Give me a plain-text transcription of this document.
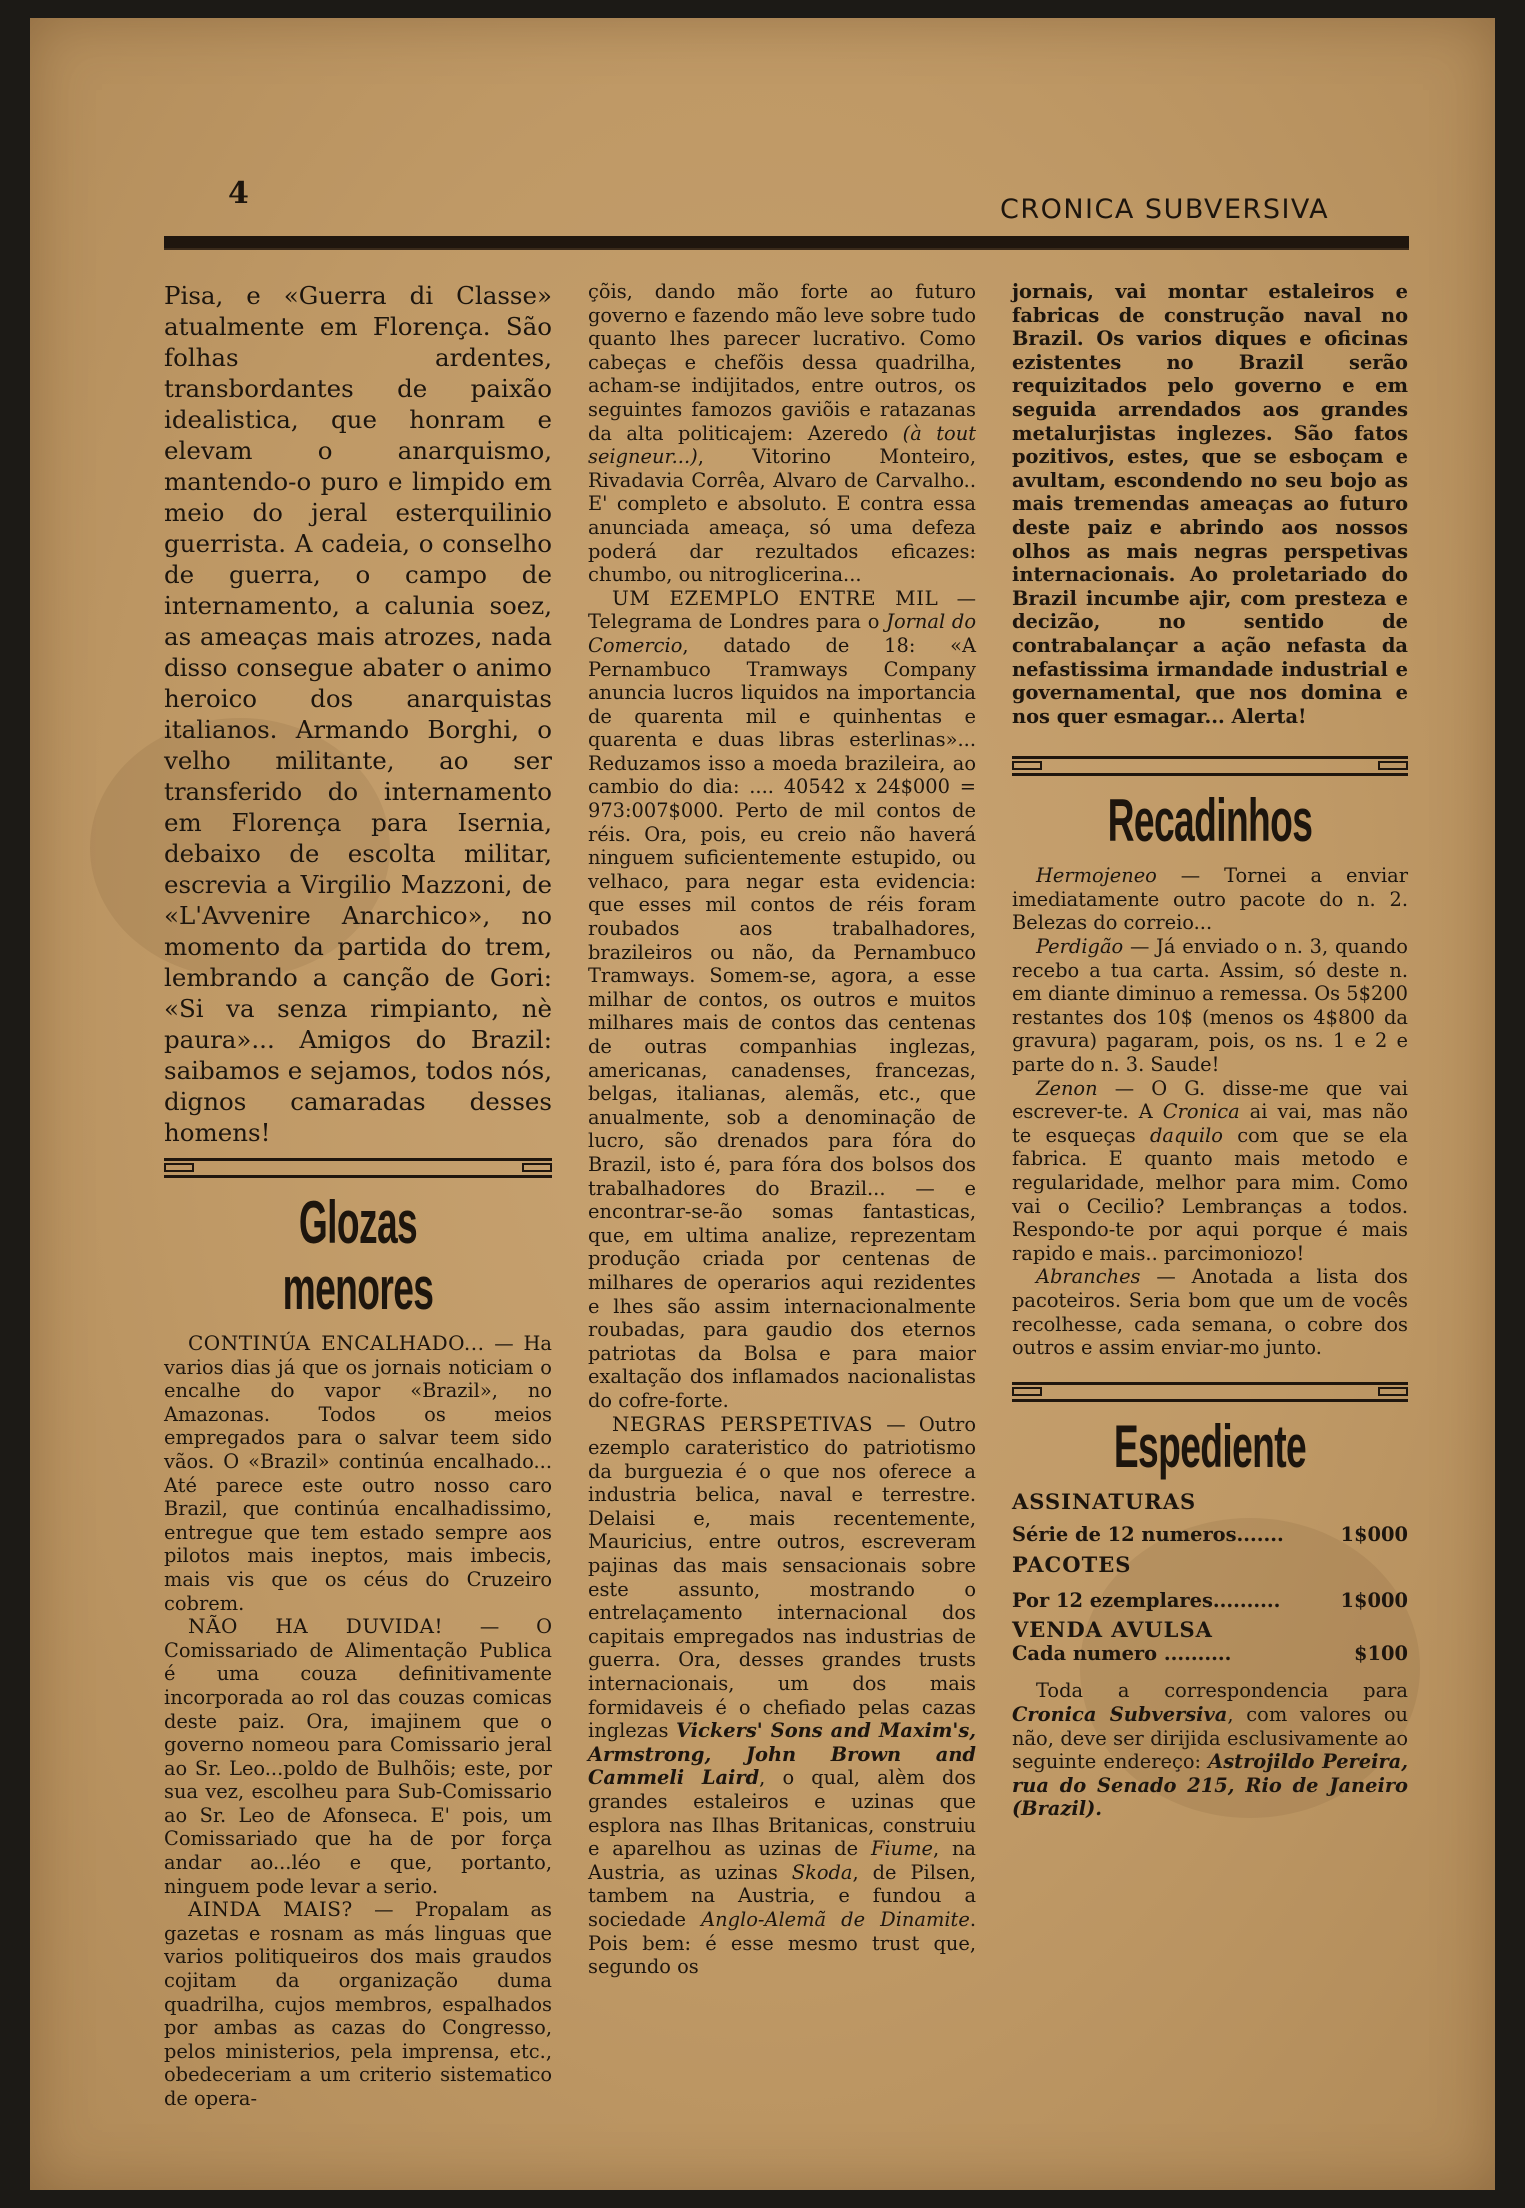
4	CRONICA SUBVERSIVA

Pisa, e «Guerra di Classe» atualmente em Florença. São folhas ardentes, transbordantes de paixão idealistica, que honram e elevam o anarquismo, mantendo-o puro e limpido em meio do jeral esterquilinio guerrista. A cadeia, o conselho de guerra, o campo de internamento, a calunia soez, as ameaças mais atrozes, nada disso consegue abater o animo heroico dos anarquistas italianos. Armando Borghi, o velho militante, ao ser transferido do internamento em Florença para Isernia, debaixo de escolta militar, escrevia a Virgilio Mazzoni, de «L'Avvenire Anarchico», no momento da partida do trem, lembrando a canção de Gori: «Si va senza rimpianto, nè paura»... Amigos do Brazil: saibamos e sejamos, todos nós, dignos camaradas desses homens!

Glozas menores

CONTINÚA ENCALHADO... — Ha varios dias já que os jornais noticiam o encalhe do vapor «Brazil», no Amazonas. Todos os meios empregados para o salvar teem sido vãos. O «Brazil» continúa encalhado... Até parece este outro nosso caro Brazil, que continúa encalhadissimo, entregue que tem estado sempre aos pilotos mais ineptos, mais imbecis, mais vis que os céus do Cruzeiro cobrem.

NÃO HA DUVIDA! — O Comissariado de Alimentação Publica é uma couza definitivamente incorporada ao rol das couzas comicas deste paiz. Ora, imajinem que o governo nomeou para Comissario jeral ao Sr. Leo...poldo de Bulhõis; este, por sua vez, escolheu para Sub-Comissario ao Sr. Leo de Afonseca. E' pois, um Comissariado que ha de por força andar ao...léo e que, portanto, ninguem pode levar a serio.

AINDA MAIS? — Propalam as gazetas e rosnam as más linguas que varios politiqueiros dos mais graudos cojitam da organização duma quadrilha, cujos membros, espalhados por ambas as cazas do Congresso, pelos ministerios, pela imprensa, etc., obedeceriam a um criterio sistematico de opera-

çõis, dando mão forte ao futuro governo e fazendo mão leve sobre tudo quanto lhes parecer lucrativo. Como cabeças e chefõis dessa quadrilha, acham-se indijitados, entre outros, os seguintes famozos gaviõis e ratazanas da alta politicajem: Azeredo (à tout seigneur...), Vitorino Monteiro, Rivadavia Corrêa, Alvaro de Carvalho.. E' completo e absoluto. E contra essa anunciada ameaça, só uma defeza poderá dar rezultados eficazes: chumbo, ou nitroglicerina...

UM EZEMPLO ENTRE MIL — Telegrama de Londres para o Jornal do Comercio, datado de 18: «A Pernambuco Tramways Company anuncia lucros liquidos na importancia de quarenta mil e quinhentas e quarenta e duas libras esterlinas»... Reduzamos isso a moeda brazileira, ao cambio do dia: .... 40542 x 24$000 = 973:007$000. Perto de mil contos de réis. Ora, pois, eu creio não haverá ninguem suficientemente estupido, ou velhaco, para negar esta evidencia: que esses mil contos de réis foram roubados aos trabalhadores, brazileiros ou não, da Pernambuco Tramways. Somem-se, agora, a esse milhar de contos, os outros e muitos milhares mais de contos das centenas de outras companhias inglezas, americanas, canadenses, francezas, belgas, italianas, alemãs, etc., que anualmente, sob a denominação de lucro, são drenados para fóra do Brazil, isto é, para fóra dos bolsos dos trabalhadores do Brazil... — e encontrar-se-ão somas fantasticas, que, em ultima analize, reprezentam produção criada por centenas de milhares de operarios aqui rezidentes e lhes são assim internacionalmente roubadas, para gaudio dos eternos patriotas da Bolsa e para maior exaltação dos inflamados nacionalistas do cofre-forte.

NEGRAS PERSPETIVAS — Outro ezemplo carateristico do patriotismo da burguezia é o que nos oferece a industria belica, naval e terrestre. Delaisi e, mais recentemente, Mauricius, entre outros, escreveram pajinas das mais sensacionais sobre este assunto, mostrando o entrelaçamento internacional dos capitais empregados nas industrias de guerra. Ora, desses grandes trusts internacionais, um dos mais formidaveis é o chefiado pelas cazas inglezas Vickers' Sons and Maxim's, Armstrong, John Brown and Cammeli Laird, o qual, alèm dos grandes estaleiros e uzinas que esplora nas Ilhas Britanicas, construiu e aparelhou as uzinas de Fiume, na Austria, as uzinas Skoda, de Pilsen, tambem na Austria, e fundou a sociedade Anglo-Alemã de Dinamite. Pois bem: é esse mesmo trust que, segundo os

jornais, vai montar estaleiros e fabricas de construção naval no Brazil. Os varios diques e oficinas ezistentes no Brazil serão requizitados pelo governo e em seguida arrendados aos grandes metalurjistas inglezes. São fatos pozitivos, estes, que se esboçam e avultam, escondendo no seu bojo as mais tremendas ameaças ao futuro deste paiz e abrindo aos nossos olhos as mais negras perspetivas internacionais. Ao proletariado do Brazil incumbe ajir, com presteza e decizão, no sentido de contrabalançar a ação nefasta da nefastissima irmandade industrial e governamental, que nos domina e nos quer esmagar... Alerta!

Recadinhos

Hermojeneo — Tornei a enviar imediatamente outro pacote do n. 2. Belezas do correio...

Perdigão — Já enviado o n. 3, quando recebo a tua carta. Assim, só deste n. em diante diminuo a remessa. Os 5$200 restantes dos 10$ (menos os 4$800 da gravura) pagaram, pois, os ns. 1 e 2 e parte do n. 3. Saude!

Zenon — O G. disse-me que vai escrever-te. A Cronica ai vai, mas não te esqueças daquilo com que se ela fabrica. E quanto mais metodo e regularidade, melhor para mim. Como vai o Cecilio? Lembranças a todos. Respondo-te por aqui porque é mais rapido e mais.. parcimoniozo!

Abranches — Anotada a lista dos pacoteiros. Seria bom que um de vocês recolhesse, cada semana, o cobre dos outros e assim enviar-mo junto.

Espediente
ASSINATURAS
Série de 12 numeros.......	1$000
PACOTES
Por 12 ezemplares..........	1$000
VENDA AVULSA
Cada numero ..........	$100

Toda a correspondencia para Cronica Subversiva, com valores ou não, deve ser dirijida esclusivamente ao seguinte endereço: Astrojildo Pereira, rua do Senado 215, Rio de Janeiro (Brazil).
